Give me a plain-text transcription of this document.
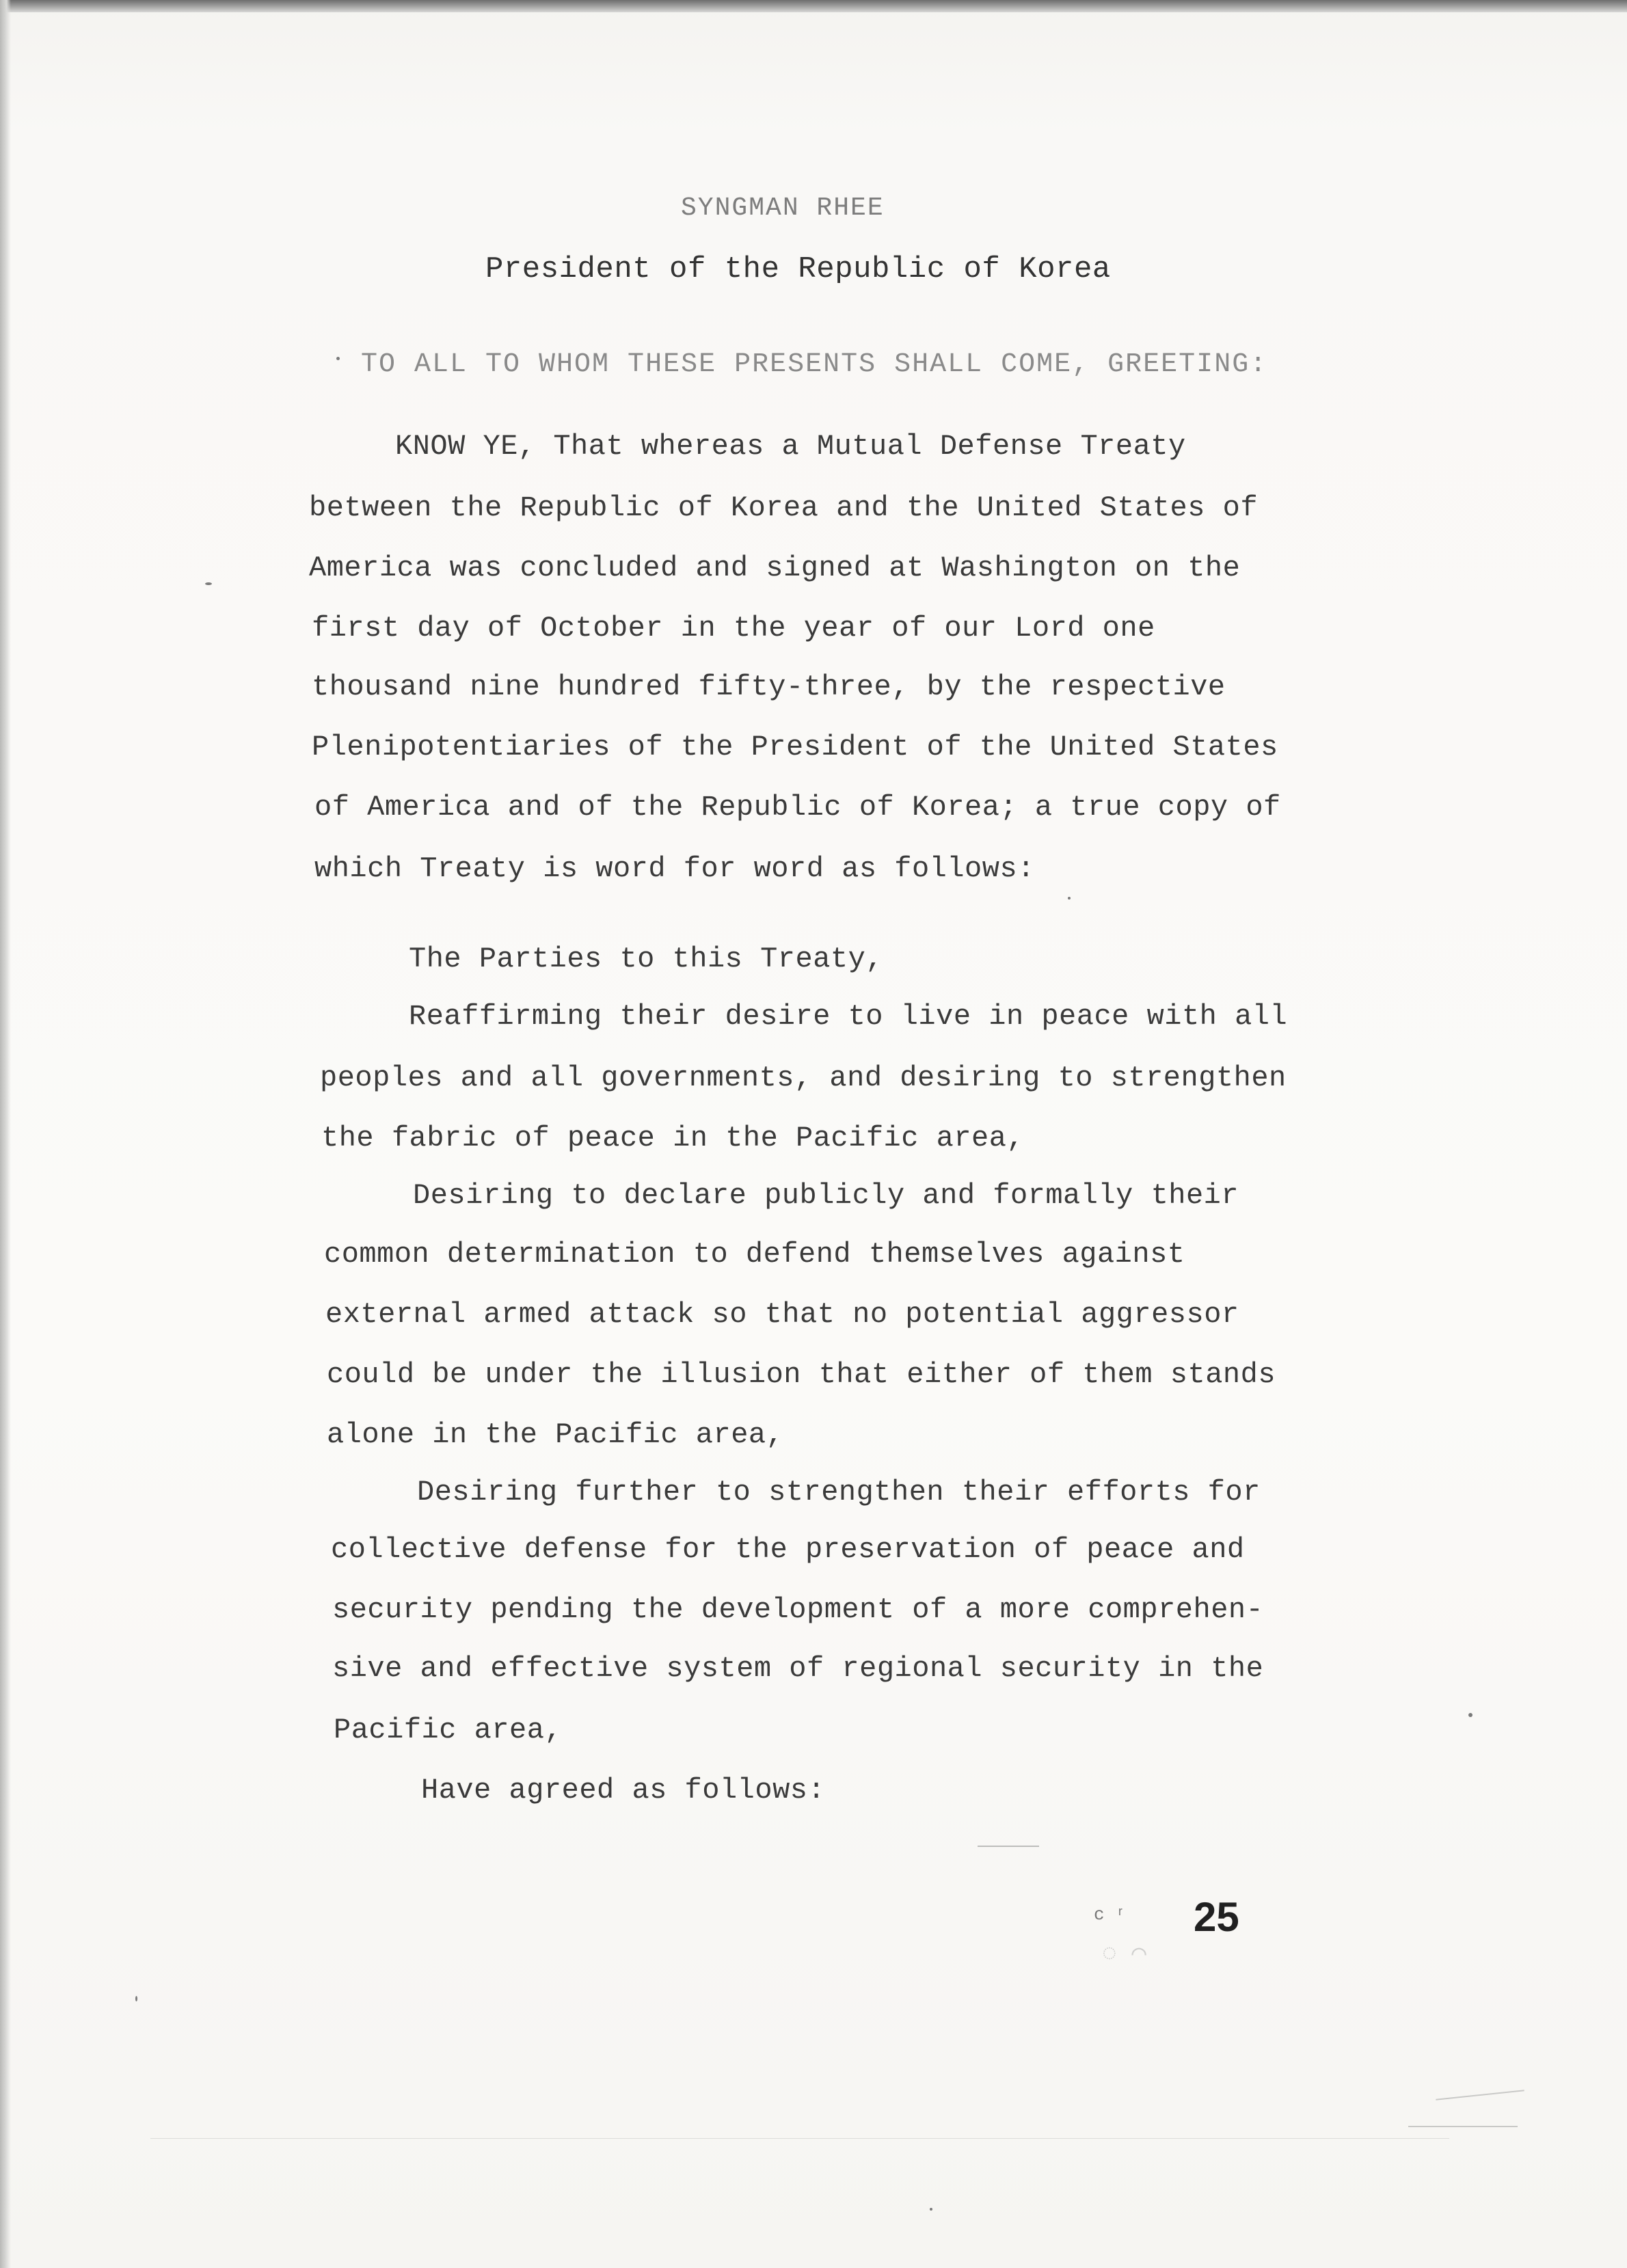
SYNGMAN RHEE
President of the Republic of Korea
TO ALL TO WHOM THESE PRESENTS SHALL COME, GREETING:
KNOW YE, That whereas a Mutual Defense Treaty
between the Republic of Korea and the United States of
America was concluded and signed at Washington on the
first day of October in the year of our Lord one
thousand nine hundred fifty-three, by the respective
Plenipotentiaries of the President of the United States
of America and of the Republic of Korea; a true copy of
which Treaty is word for word as follows:
The Parties to this Treaty,
Reaffirming their desire to live in peace with all
peoples and all governments, and desiring to strengthen
the fabric of peace in the Pacific area,
Desiring to declare publicly and formally their
common determination to defend themselves against
external armed attack so that no potential aggressor
could be under the illusion that either of them stands
alone in the Pacific area,
Desiring further to strengthen their efforts for
collective defense for the preservation of peace and
security pending the development of a more comprehen-
sive and effective system of regional security in the
Pacific area,
Have agreed as follows:
ᴄ ʳ 25
◌ ⌒
